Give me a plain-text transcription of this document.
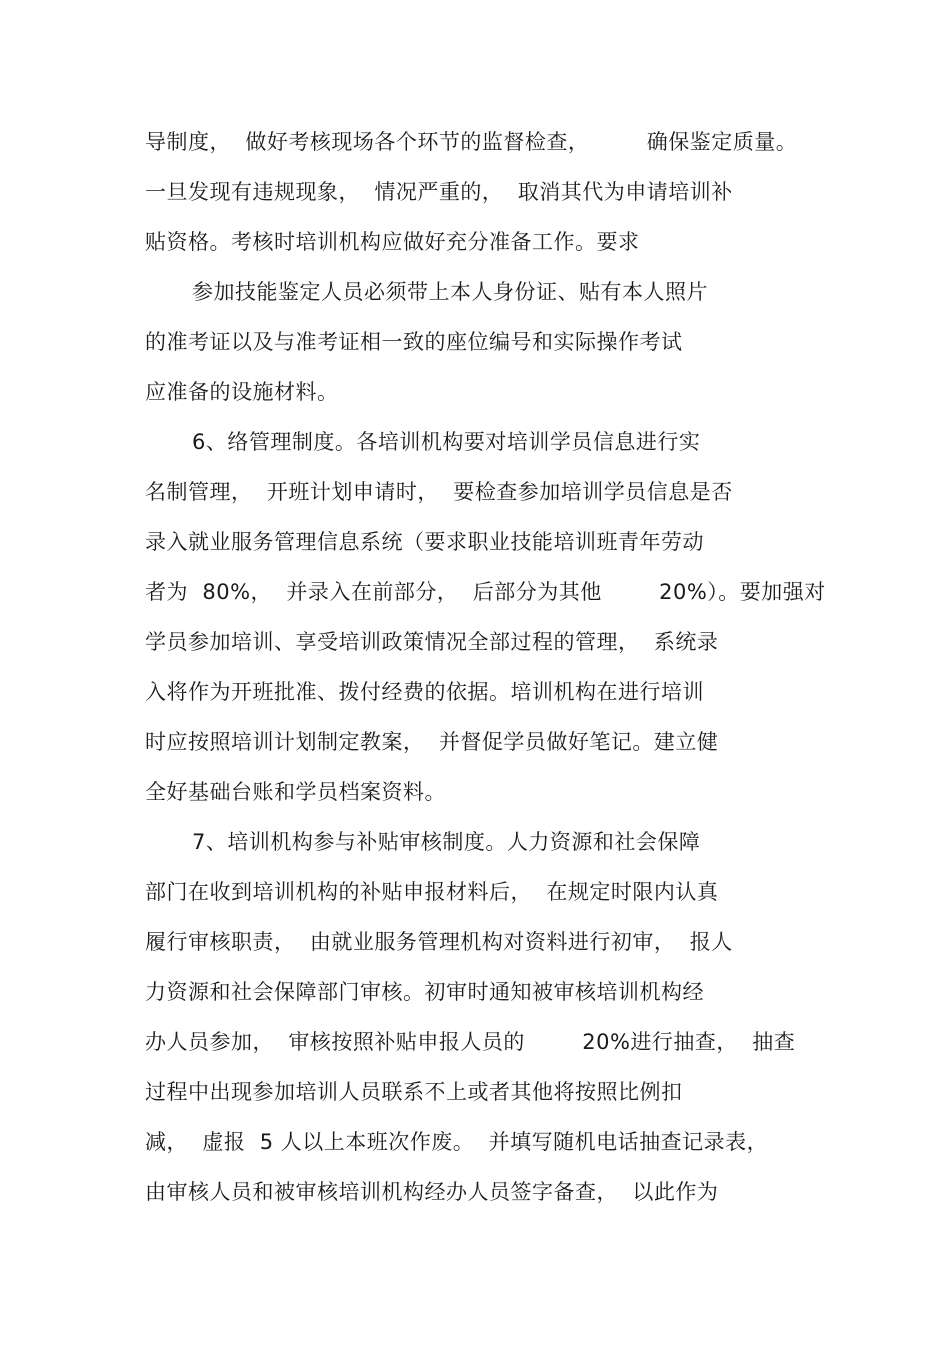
导制度，  做好考核现场各个环节的监督检查，        确保鉴定质量。

一旦发现有违规现象，  情况严重的，  取消其代为申请培训补

贴资格。考核时培训机构应做好充分准备工作。要求

参加技能鉴定人员必须带上本人身份证、贴有本人照片

的准考证以及与准考证相一致的座位编号和实际操作考试

应准备的设施材料。

6、络管理制度。各培训机构要对培训学员信息进行实

名制管理，  开班计划申请时，  要检查参加培训学员信息是否

录入就业服务管理信息系统（要求职业技能培训班青年劳动

者为  80%，  并录入在前部分，  后部分为其他        20%）。要加强对

学员参加培训、享受培训政策情况全部过程的管理，  系统录

入将作为开班批准、拨付经费的依据。培训机构在进行培训

时应按照培训计划制定教案，  并督促学员做好笔记。建立健

全好基础台账和学员档案资料。

7、培训机构参与补贴审核制度。人力资源和社会保障

部门在收到培训机构的补贴申报材料后，  在规定时限内认真

履行审核职责，  由就业服务管理机构对资料进行初审，  报人

力资源和社会保障部门审核。初审时通知被审核培训机构经

办人员参加，  审核按照补贴申报人员的        20%进行抽查，  抽查

过程中出现参加培训人员联系不上或者其他将按照比例扣

减，  虚报  5 人以上本班次作废。  并填写随机电话抽查记录表，

由审核人员和被审核培训机构经办人员签字备查，  以此作为
